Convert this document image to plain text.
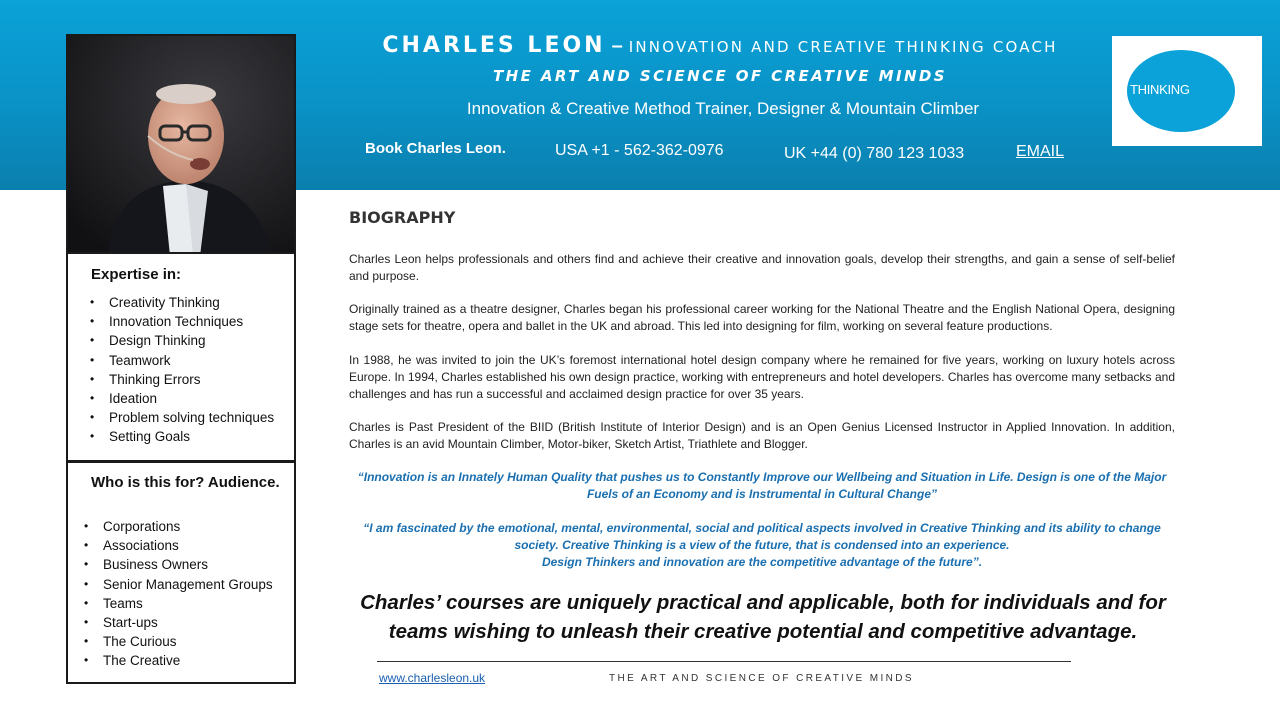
CHARLES LEON – INNOVATION AND CREATIVE THINKING COACH
THE ART AND SCIENCE OF CREATIVE MINDS
Innovation & Creative Method Trainer, Designer & Mountain Climber
Book Charles Leon.	USA +1 - 562-362-0976	UK +44 (0) 780 123 1033	EMAIL
THINKINGMIND
Expertise in:
• Creativity Thinking
• Innovation Techniques
• Design Thinking
• Teamwork
• Thinking Errors
• Ideation
• Problem solving techniques
• Setting Goals
Who is this for? Audience.
• Corporations
• Associations
• Business Owners
• Senior Management Groups
• Teams
• Start-ups
• The Curious
• The Creative
BIOGRAPHY

Charles Leon helps professionals and others find and achieve their creative and innovation goals, develop their strengths, and gain a sense of self-belief and purpose.

Originally trained as a theatre designer, Charles began his professional career working for the National Theatre and the English National Opera, designing stage sets for theatre, opera and ballet in the UK and abroad. This led into designing for film, working on several feature productions.

In 1988, he was invited to join the UK’s foremost international hotel design company where he remained for five years, working on luxury hotels across Europe. In 1994, Charles established his own design practice, working with entrepreneurs and hotel developers. Charles has overcome many setbacks and challenges and has run a successful and acclaimed design practice for over 35 years.

Charles is Past President of the BIID (British Institute of Interior Design) and is an Open Genius Licensed Instructor in Applied Innovation. In addition, Charles is an avid Mountain Climber, Motor-biker, Sketch Artist, Triathlete and Blogger.

“Innovation is an Innately Human Quality that pushes us to Constantly Improve our Wellbeing and Situation in Life. Design is one of the Major Fuels of an Economy and is Instrumental in Cultural Change”

“I am fascinated by the emotional, mental, environmental, social and political aspects involved in Creative Thinking and its ability to change society. Creative Thinking is a view of the future, that is condensed into an experience.
Design Thinkers and innovation are the competitive advantage of the future”.

Charles’ courses are uniquely practical and applicable, both for individuals and for teams wishing to unleash their creative potential and competitive advantage.

www.charlesleon.uk	THE ART AND SCIENCE OF CREATIVE MINDS
